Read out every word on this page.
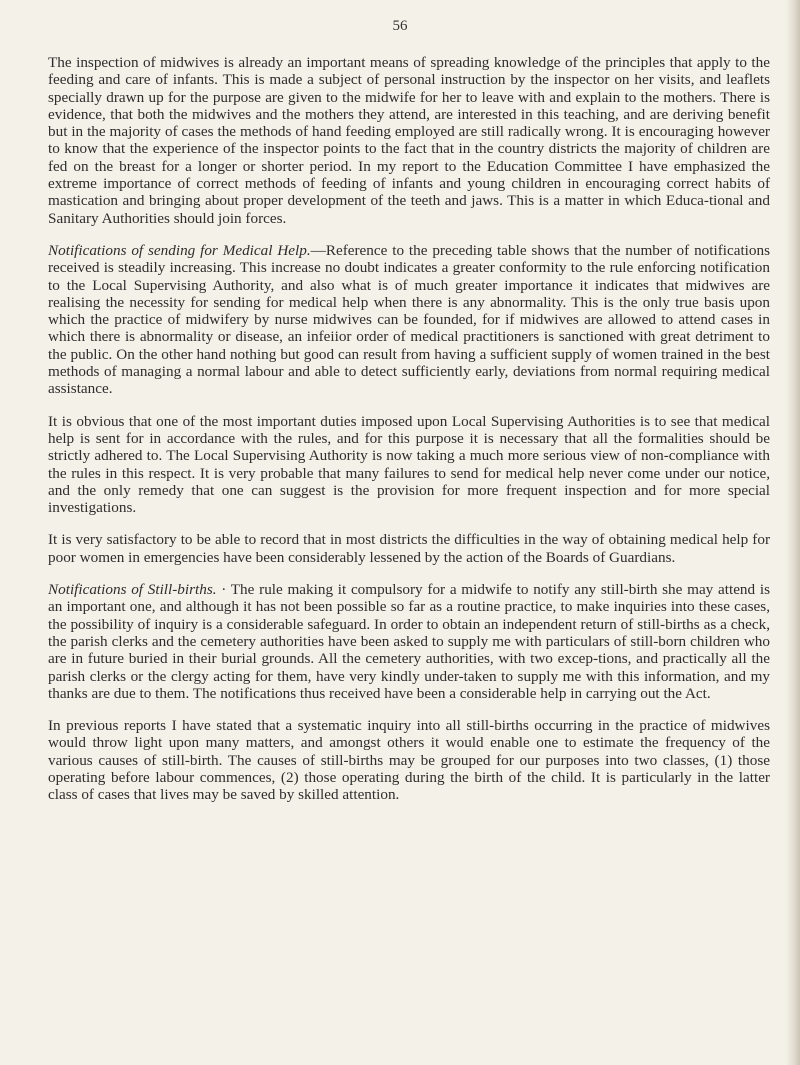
56

The inspection of midwives is already an important means of spreading knowledge of the principles that apply to the feeding and care of infants. This is made a subject of personal instruction by the inspector on her visits, and leaflets specially drawn up for the purpose are given to the midwife for her to leave with and explain to the mothers. There is evidence, that both the midwives and the mothers they attend, are interested in this teaching, and are deriving benefit but in the majority of cases the methods of hand feeding employed are still radically wrong. It is encouraging however to know that the experience of the inspector points to the fact that in the country districts the majority of children are fed on the breast for a longer or shorter period. In my report to the Education Committee I have emphasized the extreme importance of correct methods of feeding of infants and young children in encouraging correct habits of mastication and bringing about proper development of the teeth and jaws. This is a matter in which Educa-tional and Sanitary Authorities should join forces.

Notifications of sending for Medical Help.—Reference to the preceding table shows that the number of notifications received is steadily increasing. This increase no doubt indicates a greater conformity to the rule enforcing notification to the Local Supervising Authority, and also what is of much greater importance it indicates that midwives are realising the necessity for sending for medical help when there is any abnormality. This is the only true basis upon which the practice of midwifery by nurse midwives can be founded, for if midwives are allowed to attend cases in which there is abnormality or disease, an infeiior order of medical practitioners is sanctioned with great detriment to the public. On the other hand nothing but good can result from having a sufficient supply of women trained in the best methods of managing a normal labour and able to detect sufficiently early, deviations from normal requiring medical assistance.

It is obvious that one of the most important duties imposed upon Local Supervising Authorities is to see that medical help is sent for in accordance with the rules, and for this purpose it is necessary that all the formalities should be strictly adhered to. The Local Supervising Authority is now taking a much more serious view of non-compliance with the rules in this respect. It is very probable that many failures to send for medical help never come under our notice, and the only remedy that one can suggest is the provision for more frequent inspection and for more special investigations.

It is very satisfactory to be able to record that in most districts the difficulties in the way of obtaining medical help for poor women in emergencies have been considerably lessened by the action of the Boards of Guardians.

Notifications of Still-births. · The rule making it compulsory for a midwife to notify any still-birth she may attend is an important one, and although it has not been possible so far as a routine practice, to make inquiries into these cases, the possibility of inquiry is a considerable safeguard. In order to obtain an independent return of still-births as a check, the parish clerks and the cemetery authorities have been asked to supply me with particulars of still-born children who are in future buried in their burial grounds. All the cemetery authorities, with two excep-tions, and practically all the parish clerks or the clergy acting for them, have very kindly under-taken to supply me with this information, and my thanks are due to them. The notifications thus received have been a considerable help in carrying out the Act.

In previous reports I have stated that a systematic inquiry into all still-births occurring in the practice of midwives would throw light upon many matters, and amongst others it would enable one to estimate the frequency of the various causes of still-birth. The causes of still-births may be grouped for our purposes into two classes, (1) those operating before labour commences, (2) those operating during the birth of the child. It is particularly in the latter class of cases that lives may be saved by skilled attention.
